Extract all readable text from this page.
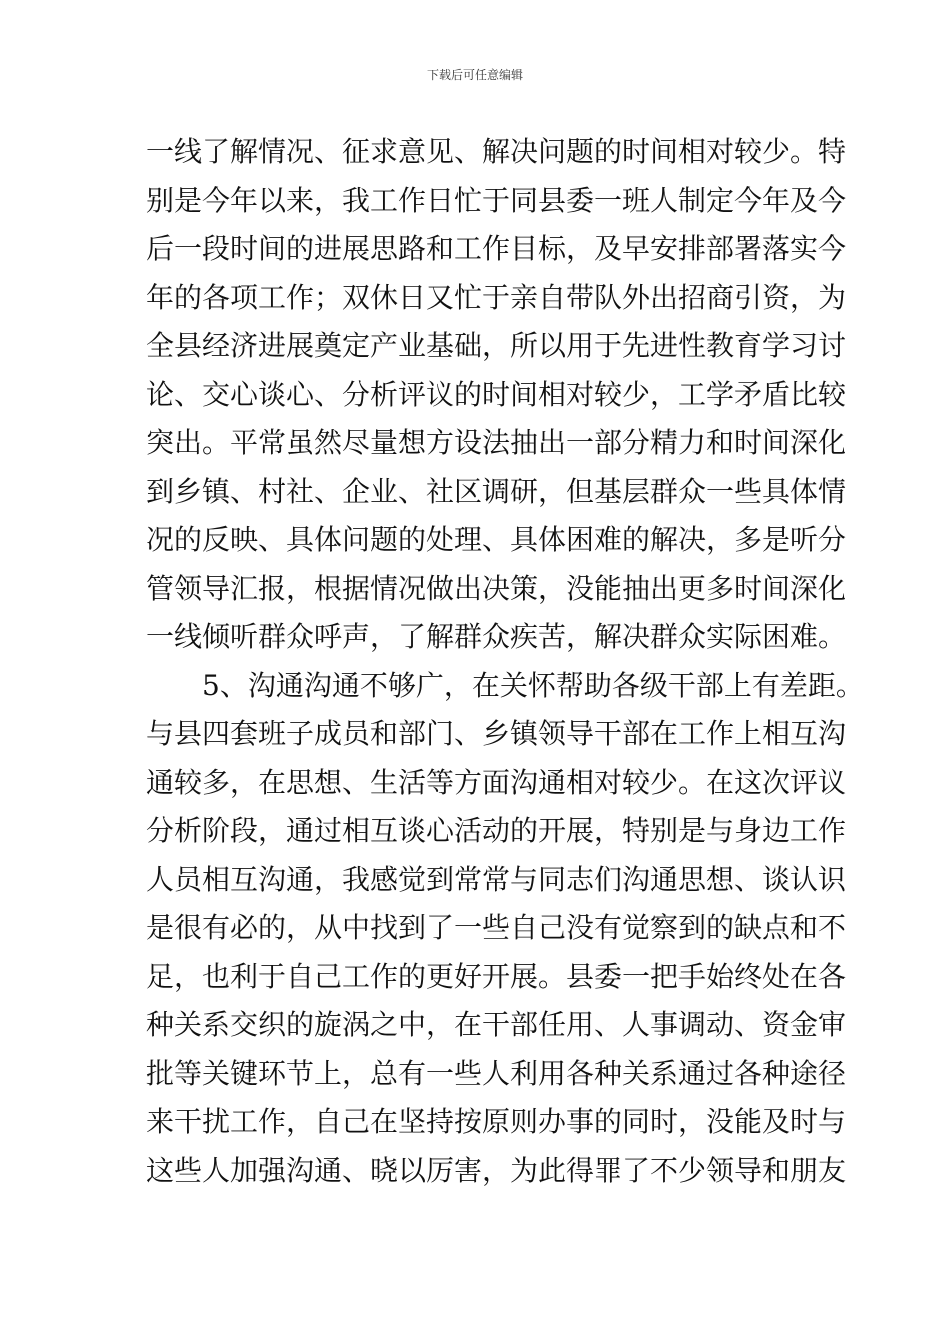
下载后可任意编辑
一线了解情况、征求意见、解决问题的时间相对较少。特
别是今年以来，我工作日忙于同县委一班人制定今年及今
后一段时间的进展思路和工作目标，及早安排部署落实今
年的各项工作；双休日又忙于亲自带队外出招商引资，为
全县经济进展奠定产业基础，所以用于先进性教育学习讨
论、交心谈心、分析评议的时间相对较少，工学矛盾比较
突出。平常虽然尽量想方设法抽出一部分精力和时间深化
到乡镇、村社、企业、社区调研，但基层群众一些具体情
况的反映、具体问题的处理、具体困难的解决，多是听分
管领导汇报，根据情况做出决策，没能抽出更多时间深化
一线倾听群众呼声，了解群众疾苦，解决群众实际困难。
　　5、沟通沟通不够广，在关怀帮助各级干部上有差距。
与县四套班子成员和部门、乡镇领导干部在工作上相互沟
通较多，在思想、生活等方面沟通相对较少。在这次评议
分析阶段，通过相互谈心活动的开展，特别是与身边工作
人员相互沟通，我感觉到常常与同志们沟通思想、谈认识
是很有必的，从中找到了一些自己没有觉察到的缺点和不
足，也利于自己工作的更好开展。县委一把手始终处在各
种关系交织的旋涡之中，在干部任用、人事调动、资金审
批等关键环节上，总有一些人利用各种关系通过各种途径
来干扰工作，自己在坚持按原则办事的同时，没能及时与
这些人加强沟通、晓以厉害，为此得罪了不少领导和朋友
